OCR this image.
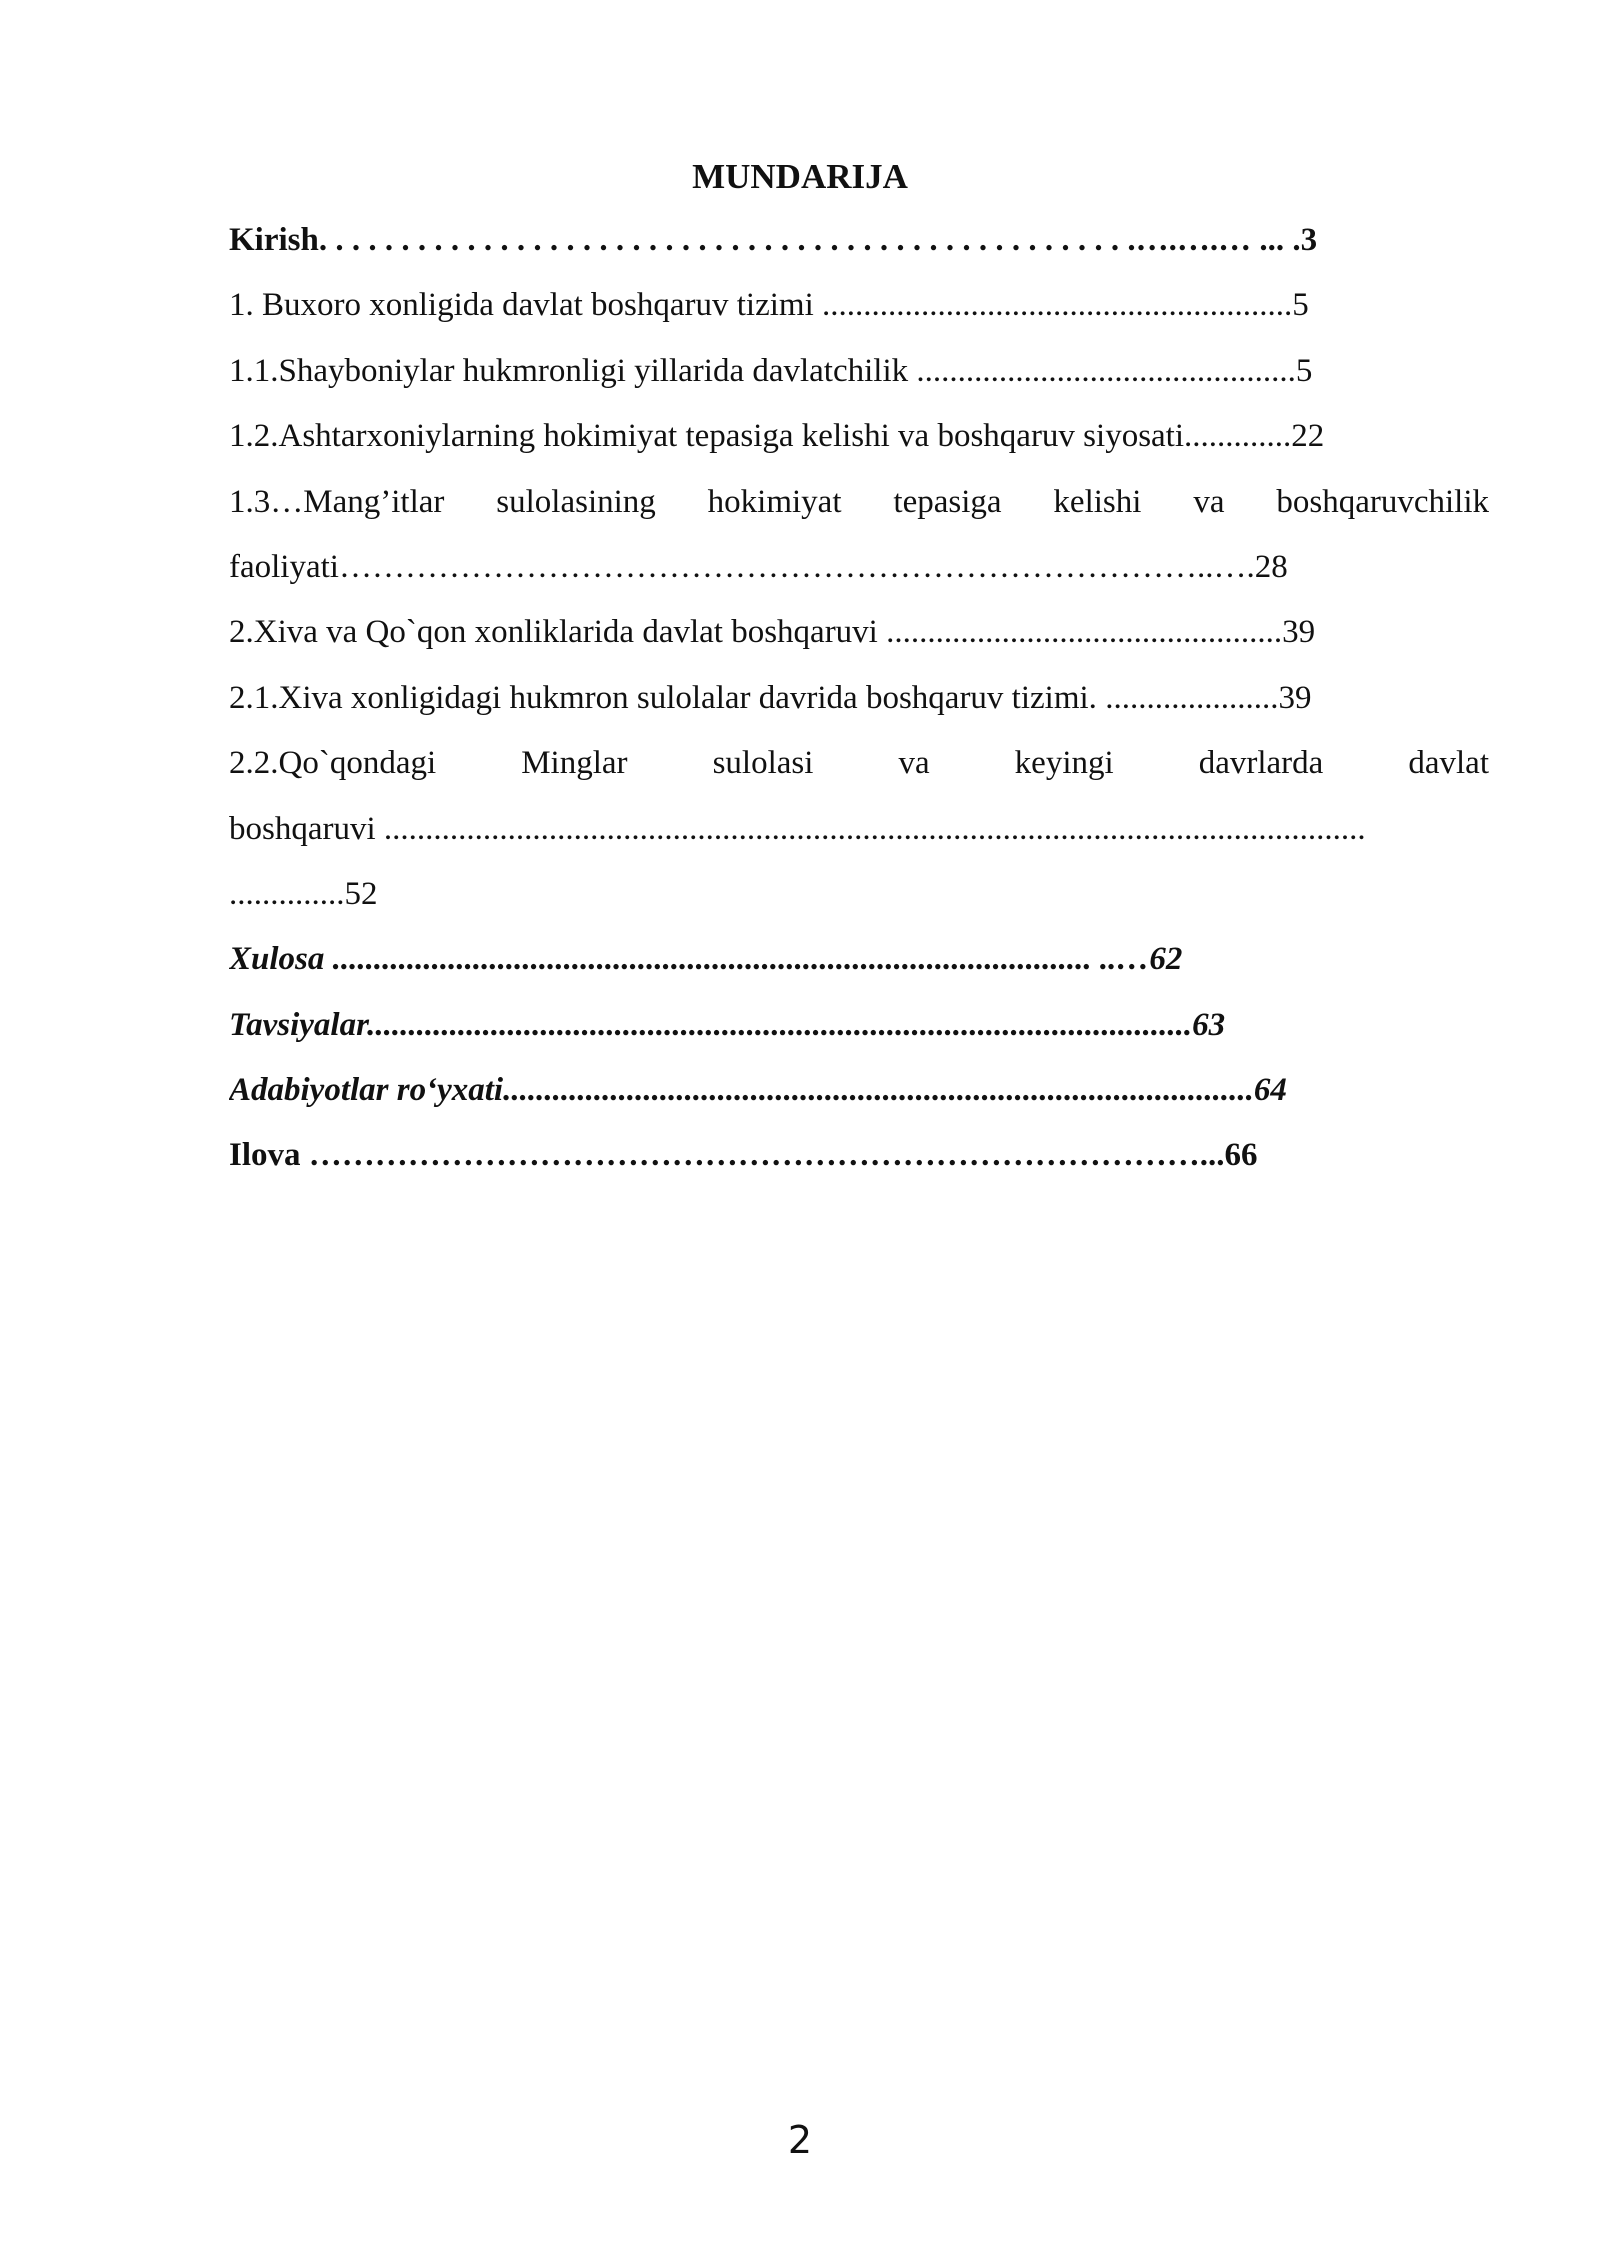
MUNDARIJA
Kirish. . . . . . . . . . . . . . . . . . . . . . . . . . . . . . . . . . . . . . . . . . . . . . . . . .….….… ... .3
1. Buxoro xonligida davlat boshqaruv tizimi .........................................................5
1.1.Shayboniylar hukmronligi yillarida davlatchilik ..............................................5
1.2.Ashtarxoniylarning hokimiyat tepasiga kelishi va boshqaruv siyosati.............22
1.3…Mang’itlar sulolasining hokimiyat tepasiga kelishi va boshqaruvchilik
faoliyati……………………………………………………………………..….28
2.Xiva va Qo`qon xonliklarida davlat boshqaruvi ................................................39
2.1.Xiva xonligidagi hukmron sulolalar davrida boshqaruv tizimi. .....................39
2.2.Qo`qondagi Minglar sulolasi va keyingi davrlarda davlat
boshqaruvi .......................................................................................................................
..............52
Xulosa ............................................................................................ ..…62
Tavsiyalar....................................................................................................63
Adabiyotlar ro‘yxati...........................................................................................64
Ilova ………………………………………………………………………...66
2
